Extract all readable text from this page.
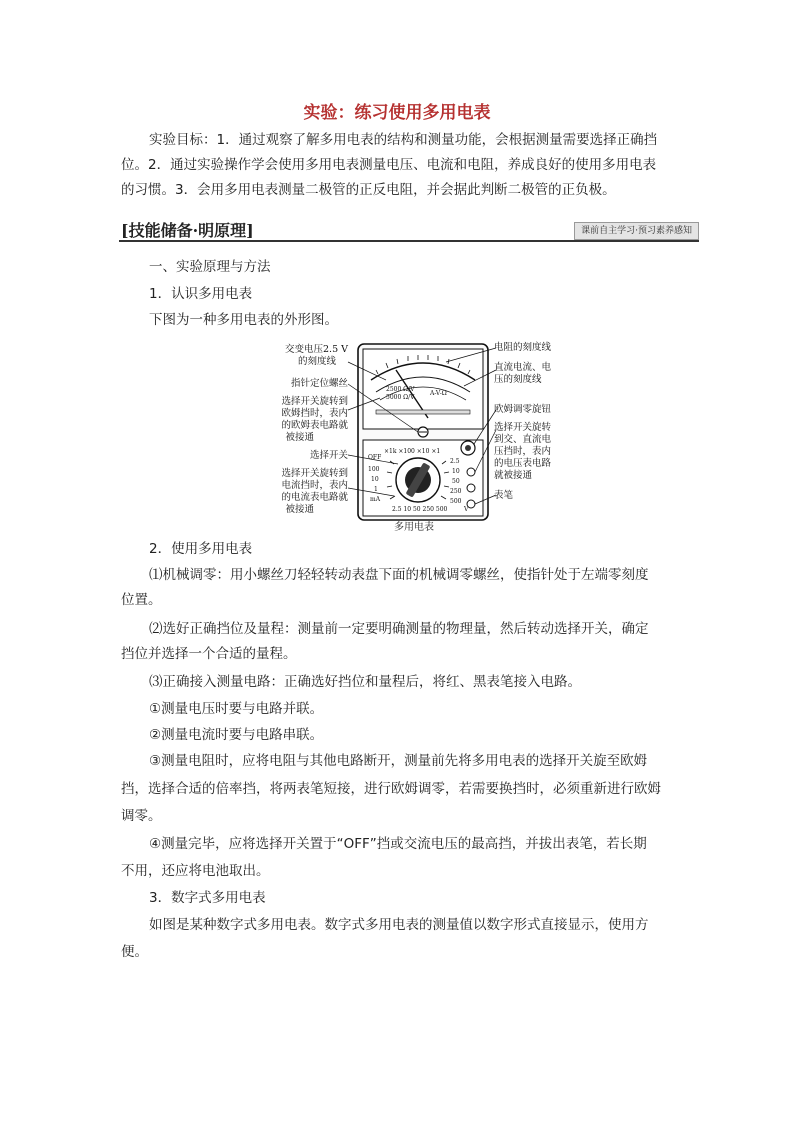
实验：练习使用多用电表
实验目标：1．通过观察了解多用电表的结构和测量功能，会根据测量需要选择正确挡
位。2．通过实验操作学会使用多用电表测量电压、电流和电阻，养成良好的使用多用电表
的习惯。3．会用多用电表测量二极管的正反电阻，并会据此判断二极管的正负极。
[技能储备·明原理]	课前自主学习·预习素养感知
一、实验原理与方法
1．认识多用电表
下图为一种多用电表的外形图。
2500 Ω/V
5000 Ω/V
A-V-Ω
×1k ×100 ×10 ×1
OFF
100
10
1
mA
2.5
10
50
250
500
2.5 10 50 250 500	V
交变电压2.5 V
的刻度线
指针定位螺丝
选择开关旋转到
欧姆挡时，表内
的欧姆表电路就
被接通
选择开关
选择开关旋转到
电流挡时，表内
的电流表电路就
被接通
电阻的刻度线
直流电流、电
压的刻度线
欧姆调零旋钮
选择开关旋转
到交、直流电
压挡时，表内
的电压表电路
就被接通
表笔
多用电表
2．使用多用电表
⑴机械调零：用小螺丝刀轻轻转动表盘下面的机械调零螺丝，使指针处于左端零刻度
位置。
⑵选好正确挡位及量程：测量前一定要明确测量的物理量，然后转动选择开关，确定
挡位并选择一个合适的量程。
⑶正确接入测量电路：正确选好挡位和量程后，将红、黑表笔接入电路。
①测量电压时要与电路并联。
②测量电流时要与电路串联。
③测量电阻时，应将电阻与其他电路断开，测量前先将多用电表的选择开关旋至欧姆
挡，选择合适的倍率挡，将两表笔短接，进行欧姆调零，若需要换挡时，必须重新进行欧姆
调零。
④测量完毕，应将选择开关置于“OFF”挡或交流电压的最高挡，并拔出表笔，若长期
不用，还应将电池取出。
3．数字式多用电表
如图是某种数字式多用电表。数字式多用电表的测量值以数字形式直接显示，使用方
便。
